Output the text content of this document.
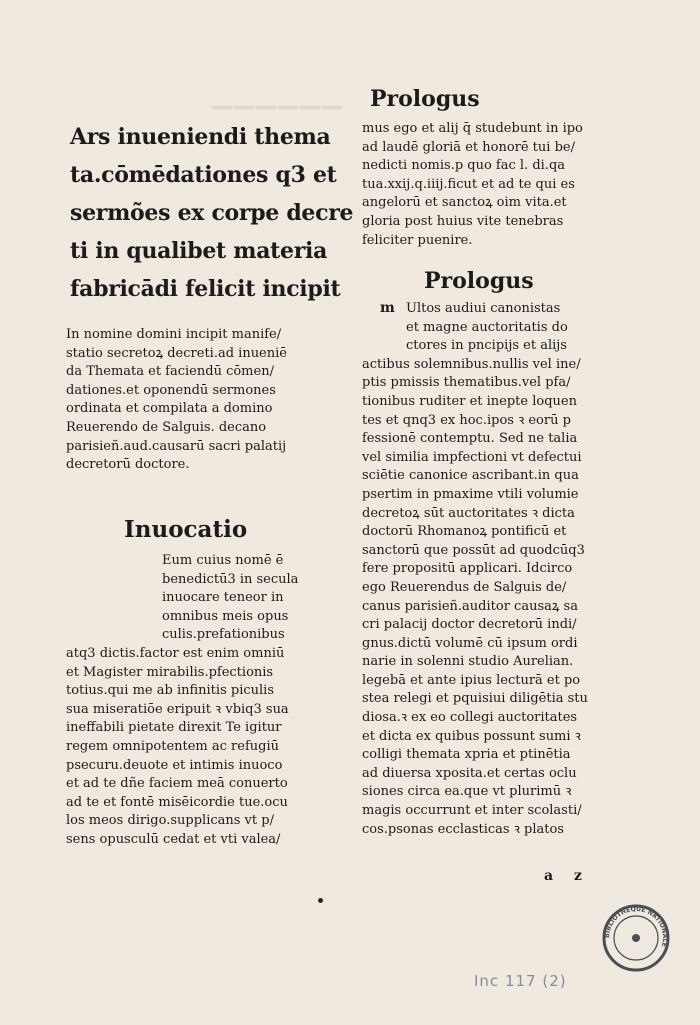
▁▁▁▁▁▁
Ars inueniendi thema
ta.cōmēdationes q3 et
sermões ex corpe decre
ti in qualibet materia
fabricādi felicit incipit
In nomine domini incipit manife/
statio secretoꝝ decreti.ad inueniē
da Themata et faciendū cōmen/
dationes.et oponendū sermones
ordinata et compilata a domino
Reuerendo de Salguis. decano
parisieñ.aud.causarū sacri palatij
decretorū doctore.
Inuocatio
Eum cuius nomē ē
benedictū3 in secula
inuocare teneor in
omnibus meis opus
culis.prefationibus
atq3 dictis.factor est enim omniū
et Magister mirabilis.pfectionis
totius.qui me ab infinitis piculis
sua miseratiōe eripuit ꝛ vbiq3 sua
ineffabili pietate direxit Te igitur
regem omnipotentem ac refugiū
psecuru.deuote et intimis inuoco
et ad te dñe faciem meā conuerto
ad te et fontē misēicordie tue.ocu
los meos dirigo.supplicans vt p/
sens opusculū cedat et vti valea/
Prologus
mus ego et alij q̄ studebunt in ipo
ad laudē gloriā et honorē tui be/
nedicti nomis.p quo fac l. di.qa
tua.xxij.q.iiij.ficut et ad te qui es
angelorū et sanctoꝝ oim vita.et
gloria post huius vite tenebras
feliciter puenire.
Prologus
m Ultos audiui canonistas
et magne auctoritatis do
ctores in pncipijs et alijs
actibus solemnibus.nullis vel ine/
ptis pmissis thematibus.vel pfa/
tionibus ruditer et inepte loquen
tes et qnq3 ex hoc.ipos ꝛ eorū p
fessionē contemptu. Sed ne talia
vel similia impfectioni vt defectui
sciētie canonice ascribant.in qua
psertim in pmaxime vtili volumie
decretoꝝ sūt auctoritates ꝛ dicta
doctorū Rhomanoꝝ pontificū et
sanctorū que possūt ad quodcūq3
fere propositū applicari. Idcirco
ego Reuerendus de Salguis de/
canus parisieñ.auditor causaꝝ sa
cri palacij doctor decretorū indi/
gnus.dictū volumē cū ipsum ordi
narie in solenni studio Aurelian.
legebā et ante ipius lecturā et po
stea relegi et pquisiui diligētia stu
diosa.ꝛ ex eo collegi auctoritates
et dicta ex quibus possunt sumi ꝛ
colligi themata xpria et ptinētia
ad diuersa xposita.et certas oclu
siones circa ea.que vt plurimū ꝛ
magis occurrunt et inter scolasti/
cos.psonas ecclasticas ꝛ platos
a z
BIBLIOTHÈQUE NATIONALE
Inc 117 (2)
